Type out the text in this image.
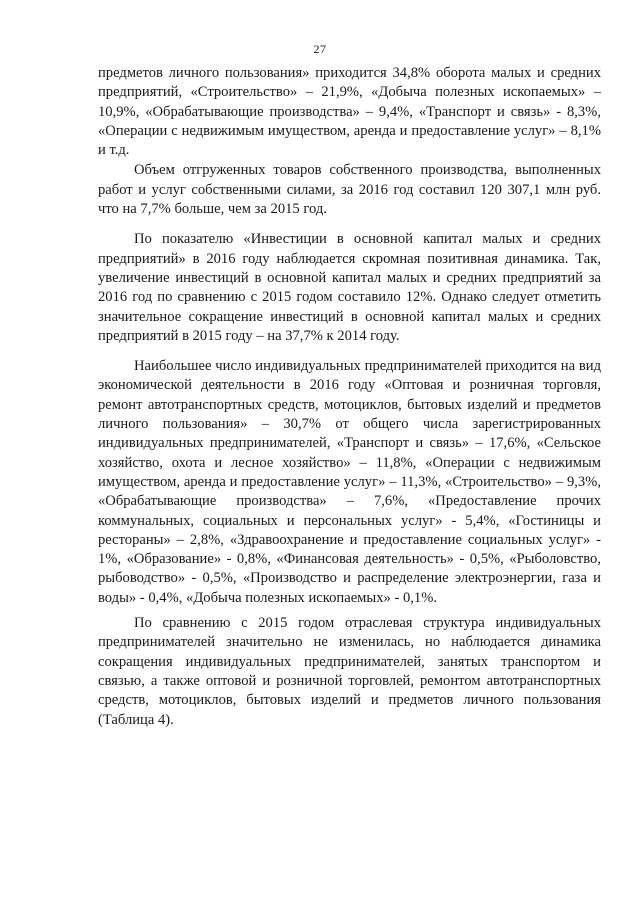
27

предметов личного пользования» приходится 34,8% оборота малых и средних предприятий, «Строительство» – 21,9%, «Добыча полезных ископаемых» – 10,9%, «Обрабатывающие производства» – 9,4%, «Транспорт и связь» - 8,3%, «Операции с недвижимым имуществом, аренда и предоставление услуг» – 8,1% и т.д.

Объем отгруженных товаров собственного производства, выполненных работ и услуг собственными силами, за 2016 год составил 120 307,1 млн руб. что на 7,7% больше, чем за 2015 год.

По показателю «Инвестиции в основной капитал малых и средних предприятий» в 2016 году наблюдается скромная позитивная динамика. Так, увеличение инвестиций в основной капитал малых и средних предприятий за 2016 год по сравнению с 2015 годом составило 12%. Однако следует отметить значительное сокращение инвестиций в основной капитал малых и средних предприятий в 2015 году – на 37,7% к 2014 году.

Наибольшее число индивидуальных предпринимателей приходится на вид экономической деятельности в 2016 году «Оптовая и розничная торговля, ремонт автотранспортных средств, мотоциклов, бытовых изделий и предметов личного пользования» – 30,7% от общего числа зарегистрированных индивидуальных предпринимателей, «Транспорт и связь» – 17,6%, «Сельское хозяйство, охота и лесное хозяйство» – 11,8%, «Операции с недвижимым имуществом, аренда и предоставление услуг» – 11,3%, «Строительство» – 9,3%, «Обрабатывающие производства» – 7,6%, «Предоставление прочих коммунальных, социальных и персональных услуг» - 5,4%, «Гостиницы и рестораны» – 2,8%, «Здравоохранение и предоставление социальных услуг» - 1%, «Образование» - 0,8%, «Финансовая деятельность» - 0,5%, «Рыболовство, рыбоводство» - 0,5%, «Производство и распределение электроэнергии, газа и воды» - 0,4%, «Добыча полезных ископаемых» - 0,1%.

По сравнению с 2015 годом отраслевая структура индивидуальных предпринимателей значительно не изменилась, но наблюдается динамика сокращения индивидуальных предпринимателей, занятых транспортом и связью, а также оптовой и розничной торговлей, ремонтом автотранспортных средств, мотоциклов, бытовых изделий и предметов личного пользования (Таблица 4).
